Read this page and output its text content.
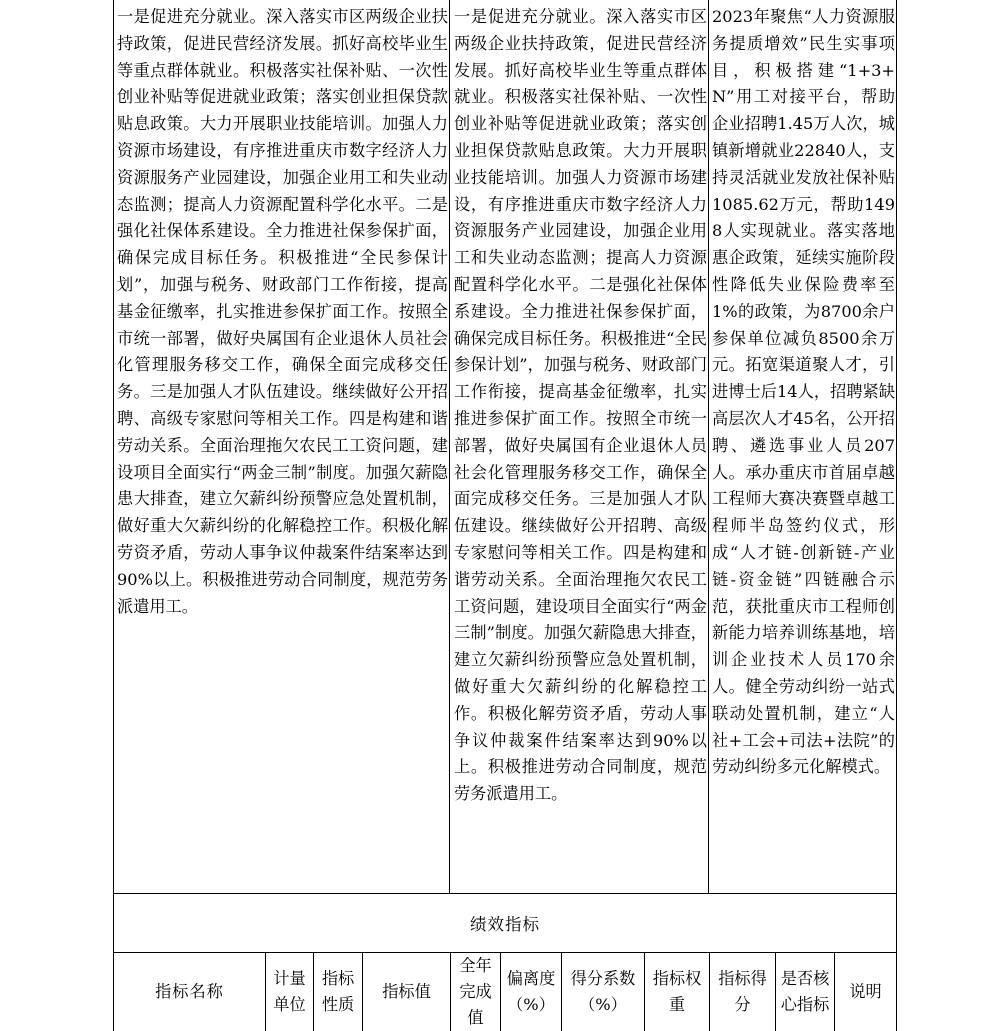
一是促进充分就业。深入落实市区两级企业扶持政策，促进民营经济发展。抓好高校毕业生等重点群体就业。积极落实社保补贴、一次性创业补贴等促进就业政策；落实创业担保贷款贴息政策。大力开展职业技能培训。加强人力资源市场建设，有序推进重庆市数字经济人力资源服务产业园建设，加强企业用工和失业动态监测；提高人力资源配置科学化水平。二是强化社保体系建设。全力推进社保参保扩面，确保完成目标任务。积极推进“全民参保计划”，加强与税务、财政部门工作衔接，提高基金征缴率，扎实推进参保扩面工作。按照全市统一部署，做好央属国有企业退休人员社会化管理服务移交工作，确保全面完成移交任务。三是加强人才队伍建设。继续做好公开招聘、高级专家慰问等相关工作。四是构建和谐劳动关系。全面治理拖欠农民工工资问题，建设项目全面实行“两金三制”制度。加强欠薪隐患大排查，建立欠薪纠纷预警应急处置机制，做好重大欠薪纠纷的化解稳控工作。积极化解劳资矛盾，劳动人事争议仲裁案件结案率达到90%以上。积极推进劳动合同制度，规范劳务派遣用工。
一是促进充分就业。深入落实市区两级企业扶持政策，促进民营经济发展。抓好高校毕业生等重点群体就业。积极落实社保补贴、一次性创业补贴等促进就业政策；落实创业担保贷款贴息政策。大力开展职业技能培训。加强人力资源市场建设，有序推进重庆市数字经济人力资源服务产业园建设，加强企业用工和失业动态监测；提高人力资源配置科学化水平。二是强化社保体系建设。全力推进社保参保扩面，确保完成目标任务。积极推进“全民参保计划”，加强与税务、财政部门工作衔接，提高基金征缴率，扎实推进参保扩面工作。按照全市统一部署，做好央属国有企业退休人员社会化管理服务移交工作，确保全面完成移交任务。三是加强人才队伍建设。继续做好公开招聘、高级专家慰问等相关工作。四是构建和谐劳动关系。全面治理拖欠农民工工资问题，建设项目全面实行“两金三制”制度。加强欠薪隐患大排查，建立欠薪纠纷预警应急处置机制，做好重大欠薪纠纷的化解稳控工作。积极化解劳资矛盾，劳动人事争议仲裁案件结案率达到90%以上。积极推进劳动合同制度，规范劳务派遣用工。
2023年聚焦“人力资源服务提质增效”民生实事项目，积极搭建“1+3+N”用工对接平台，帮助企业招聘1.45万人次，城镇新增就业22840人，支持灵活就业发放社保补贴1085.62万元，帮助1498人实现就业。落实落地惠企政策，延续实施阶段性降低失业保险费率至1%的政策，为8700余户参保单位减负8500余万元。拓宽渠道聚人才，引进博士后14人，招聘紧缺高层次人才45名，公开招聘、遴选事业人员207人。承办重庆市首届卓越工程师大赛决赛暨卓越工程师半岛签约仪式，形成“人才链-创新链-产业链-资金链”四链融合示范，获批重庆市工程师创新能力培养训练基地，培训企业技术人员170余人。健全劳动纠纷一站式联动处置机制，建立“人社+工会+司法+法院”的劳动纠纷多元化解模式。
绩效指标
指标名称
计量
单位
指标
性质
指标值
全年
完成
值
偏离度
（%）
得分系数
（%）
指标权
重
指标得
分
是否核
心指标
说明
